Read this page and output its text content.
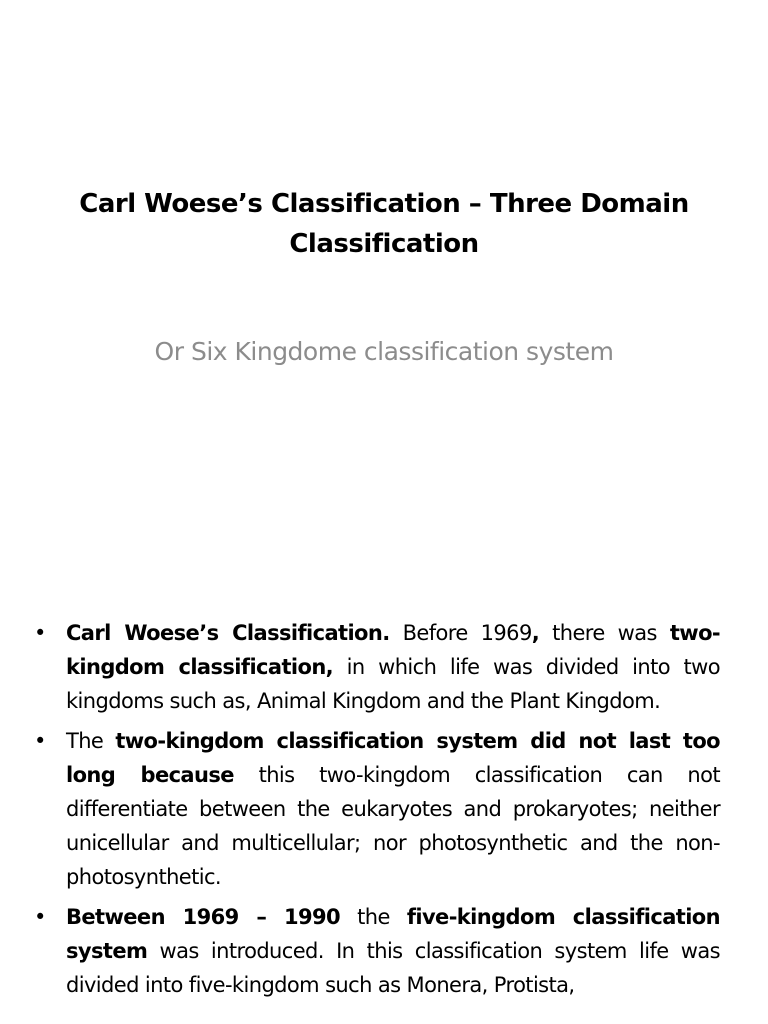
Carl Woese’s Classification – Three Domain Classification

Or Six Kingdome classification system

• Carl Woese’s Classification. Before 1969, there was two-kingdom classification, in which life was divided into two kingdoms such as, Animal Kingdom and the Plant Kingdom.
• The two-kingdom classification system did not last too long because this two-kingdom classification can not differentiate between the eukaryotes and prokaryotes; neither unicellular and multicellular; nor photosynthetic and the non-photosynthetic.
• Between 1969 – 1990 the five-kingdom classification system was introduced. In this classification system life was divided into five-kingdom such as Monera, Protista,
